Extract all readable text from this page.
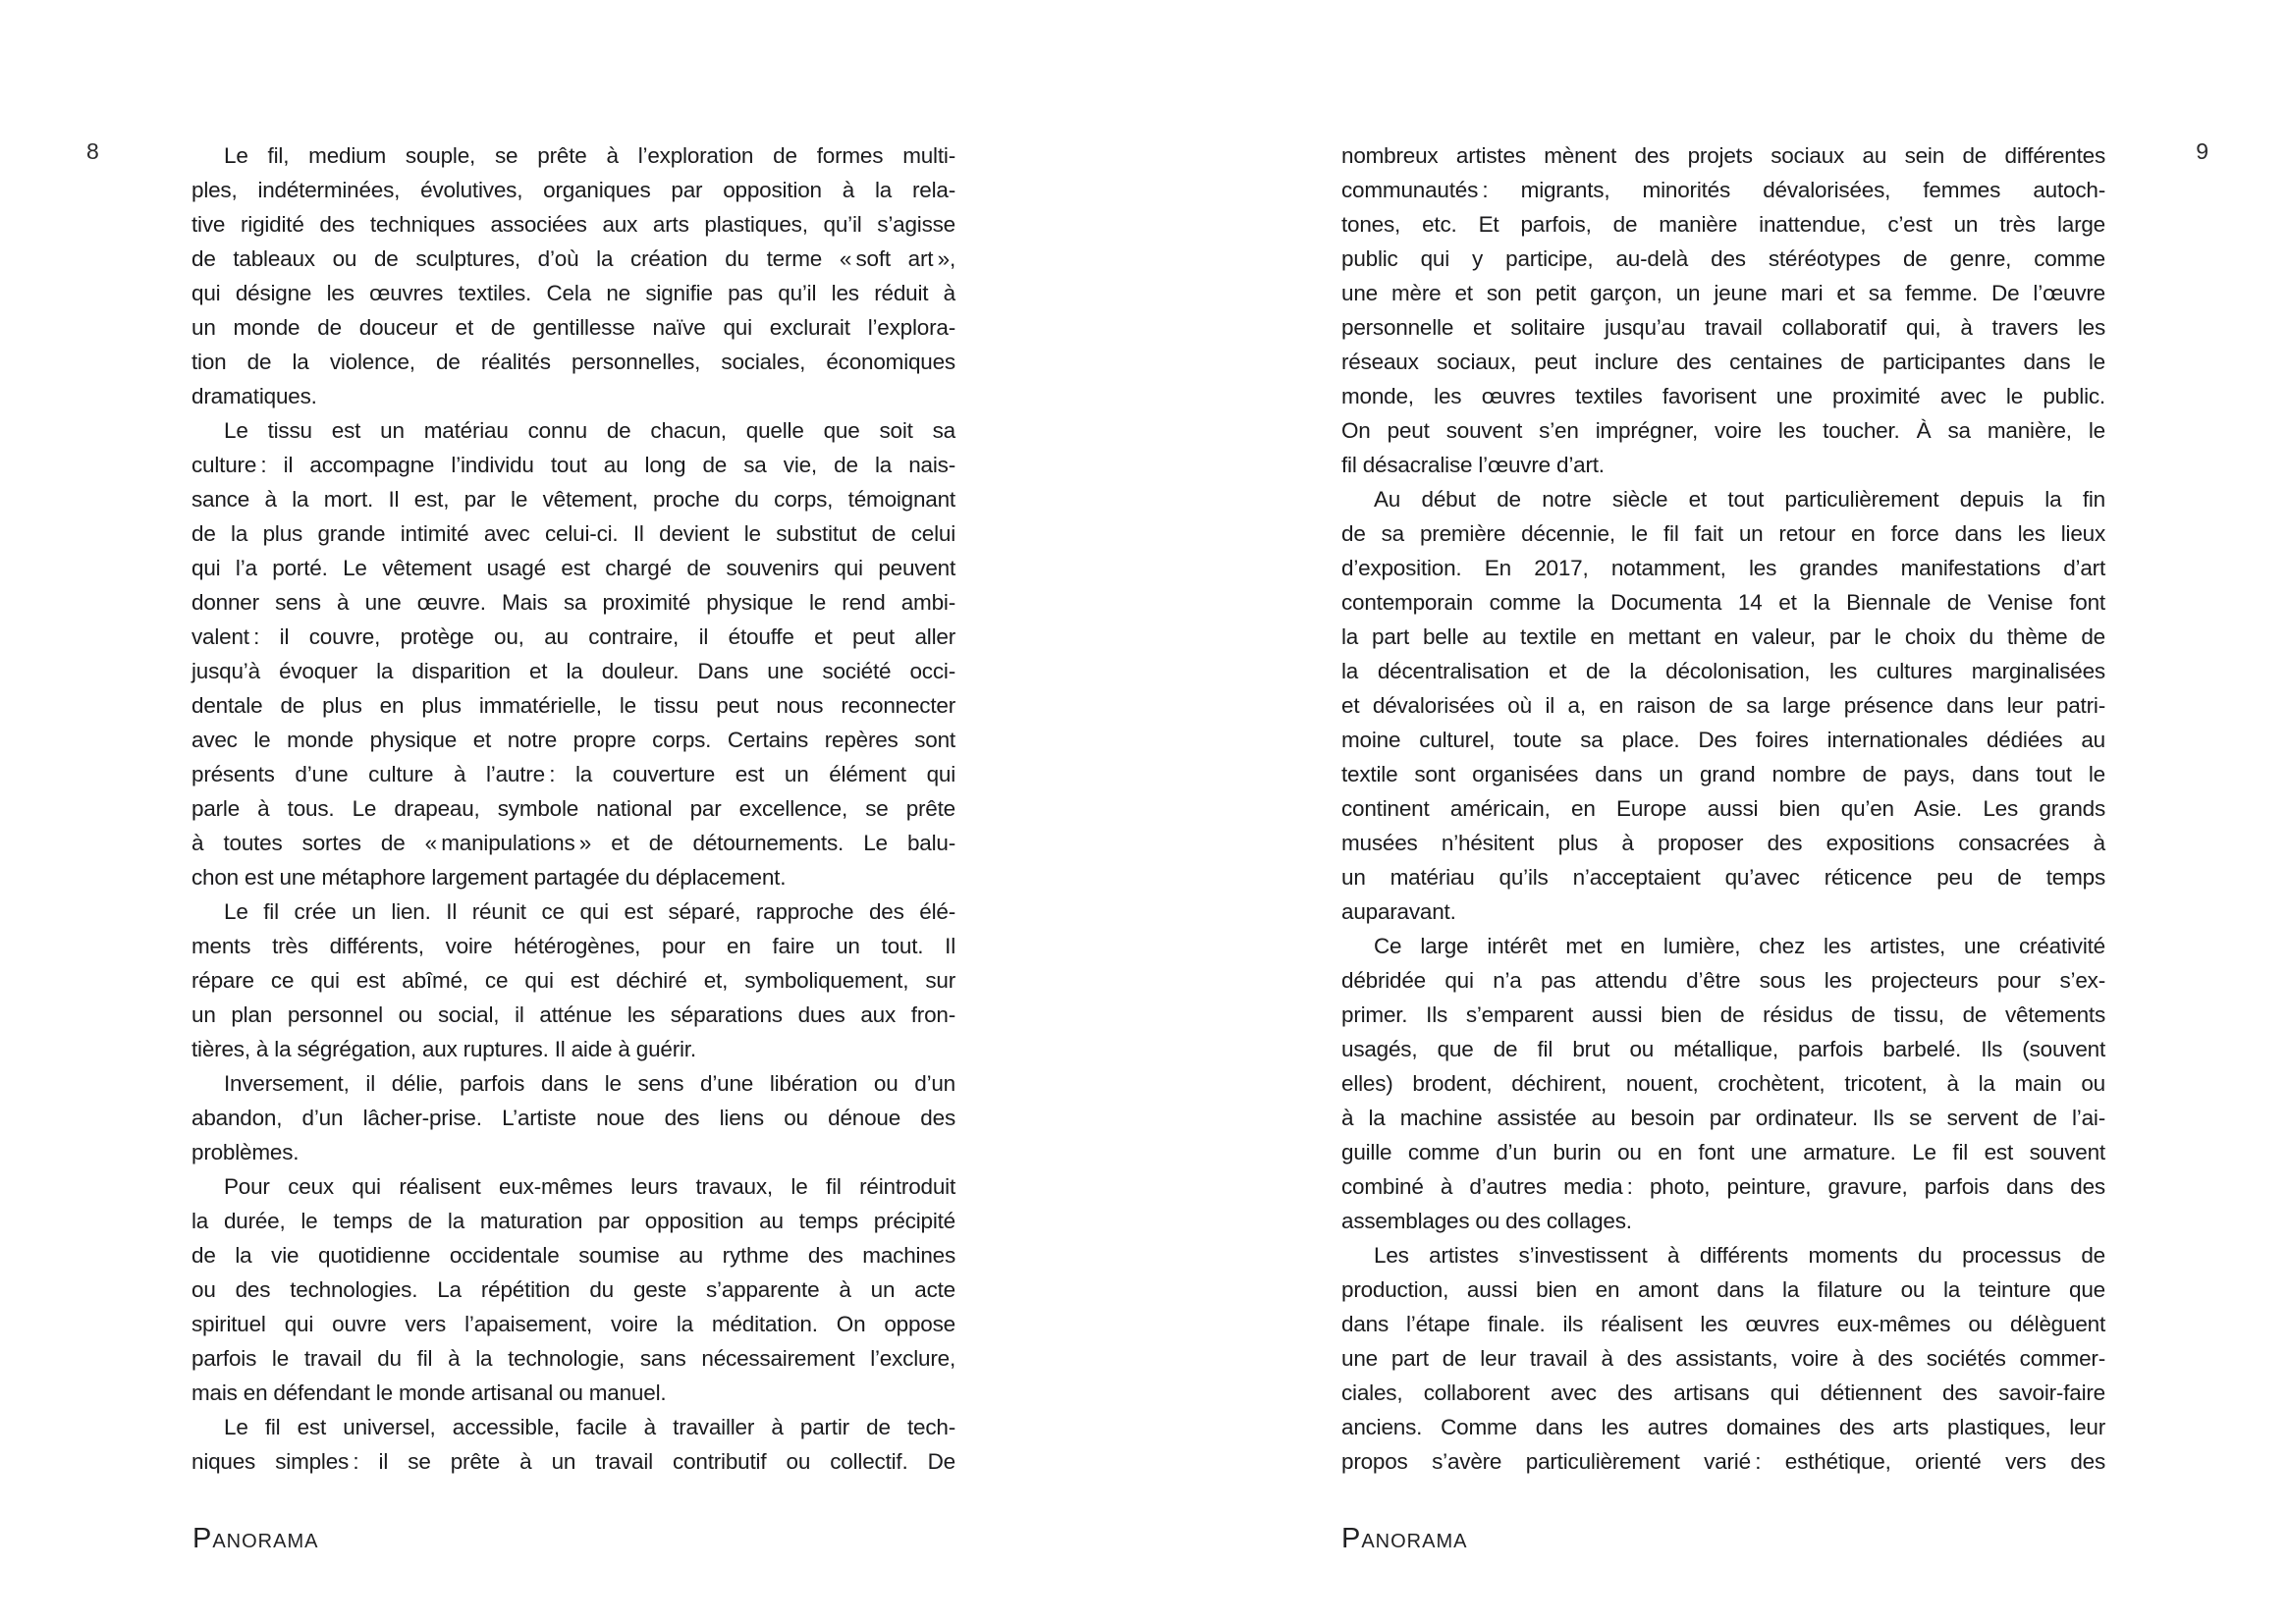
8	Le fil, medium souple, se prête à l’exploration de formes multi-
ples, indéterminées, évolutives, organiques par opposition à la rela-
tive rigidité des techniques associées aux arts plastiques, qu’il s’agisse
de tableaux ou de sculptures, d’où la création du terme « soft art »,
qui désigne les œuvres textiles. Cela ne signifie pas qu’il les réduit à
un monde de douceur et de gentillesse naïve qui exclurait l’explora-
tion de la violence, de réalités personnelles, sociales, économiques
dramatiques.
Le tissu est un matériau connu de chacun, quelle que soit sa
culture : il accompagne l’individu tout au long de sa vie, de la nais-
sance à la mort. Il est, par le vêtement, proche du corps, témoignant
de la plus grande intimité avec celui-ci. Il devient le substitut de celui
qui l’a porté. Le vêtement usagé est chargé de souvenirs qui peuvent
donner sens à une œuvre. Mais sa proximité physique le rend ambi-
valent : il couvre, protège ou, au contraire, il étouffe et peut aller
jusqu’à évoquer la disparition et la douleur. Dans une société occi-
dentale de plus en plus immatérielle, le tissu peut nous reconnecter
avec le monde physique et notre propre corps. Certains repères sont
présents d’une culture à l’autre : la couverture est un élément qui
parle à tous. Le drapeau, symbole national par excellence, se prête
à toutes sortes de « manipulations » et de détournements. Le balu-
chon est une métaphore largement partagée du déplacement.
Le fil crée un lien. Il réunit ce qui est séparé, rapproche des élé-
ments très différents, voire hétérogènes, pour en faire un tout. Il
répare ce qui est abîmé, ce qui est déchiré et, symboliquement, sur
un plan personnel ou social, il atténue les séparations dues aux fron-
tières, à la ségrégation, aux ruptures. Il aide à guérir.
Inversement, il délie, parfois dans le sens d’une libération ou d’un
abandon, d’un lâcher-prise. L’artiste noue des liens ou dénoue des
problèmes.
Pour ceux qui réalisent eux-mêmes leurs travaux, le fil réintroduit
la durée, le temps de la maturation par opposition au temps précipité
de la vie quotidienne occidentale soumise au rythme des machines
ou des technologies. La répétition du geste s’apparente à un acte
spirituel qui ouvre vers l’apaisement, voire la méditation. On oppose
parfois le travail du fil à la technologie, sans nécessairement l’exclure,
mais en défendant le monde artisanal ou manuel.
Le fil est universel, accessible, facile à travailler à partir de tech-
niques simples : il se prête à un travail contributif ou collectif. De
Panorama
9
nombreux artistes mènent des projets sociaux au sein de différentes
communautés : migrants, minorités dévalorisées, femmes autoch-
tones, etc. Et parfois, de manière inattendue, c’est un très large
public qui y participe, au-delà des stéréotypes de genre, comme
une mère et son petit garçon, un jeune mari et sa femme. De l’œuvre
personnelle et solitaire jusqu’au travail collaboratif qui, à travers les
réseaux sociaux, peut inclure des centaines de participantes dans le
monde, les œuvres textiles favorisent une proximité avec le public.
On peut souvent s’en imprégner, voire les toucher. À sa manière, le
fil désacralise l’œuvre d’art.
Au début de notre siècle et tout particulièrement depuis la fin
de sa première décennie, le fil fait un retour en force dans les lieux
d’exposition. En 2017, notamment, les grandes manifestations d’art
contemporain comme la Documenta 14 et la Biennale de Venise font
la part belle au textile en mettant en valeur, par le choix du thème de
la décentralisation et de la décolonisation, les cultures marginalisées
et dévalorisées où il a, en raison de sa large présence dans leur patri-
moine culturel, toute sa place. Des foires internationales dédiées au
textile sont organisées dans un grand nombre de pays, dans tout le
continent américain, en Europe aussi bien qu’en Asie. Les grands
musées n’hésitent plus à proposer des expositions consacrées à
un matériau qu’ils n’acceptaient qu’avec réticence peu de temps
auparavant.
Ce large intérêt met en lumière, chez les artistes, une créativité
débridée qui n’a pas attendu d’être sous les projecteurs pour s’ex-
primer. Ils s’emparent aussi bien de résidus de tissu, de vêtements
usagés, que de fil brut ou métallique, parfois barbelé. Ils (souvent
elles) brodent, déchirent, nouent, crochètent, tricotent, à la main ou
à la machine assistée au besoin par ordinateur. Ils se servent de l’ai-
guille comme d’un burin ou en font une armature. Le fil est souvent
combiné à d’autres media : photo, peinture, gravure, parfois dans des
assemblages ou des collages.
Les artistes s’investissent à différents moments du processus de
production, aussi bien en amont dans la filature ou la teinture que
dans l’étape finale. ils réalisent les œuvres eux-mêmes ou délèguent
une part de leur travail à des assistants, voire à des sociétés commer-
ciales, collaborent avec des artisans qui détiennent des savoir-faire
anciens. Comme dans les autres domaines des arts plastiques, leur
propos s’avère particulièrement varié : esthétique, orienté vers des
Panorama
